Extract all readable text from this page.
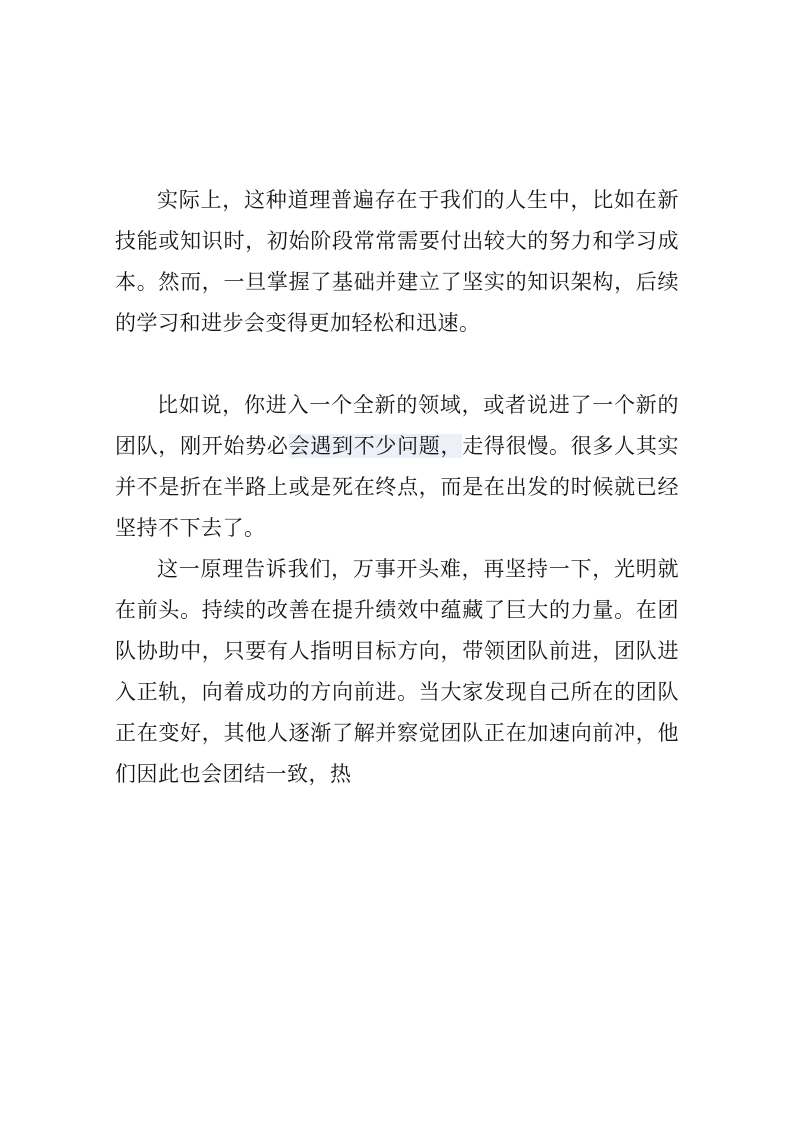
实际上，这种道理普遍存在于我们的人生中，比如在新技能或知识时，初始阶段常常需要付出较大的努力和学习成本。然而，一旦掌握了基础并建立了坚实的知识架构，后续的学习和进步会变得更加轻松和迅速。

比如说，你进入一个全新的领域，或者说进了一个新的团队，刚开始势必会遇到不少问题，走得很慢。很多人其实并不是折在半路上或是死在终点，而是在出发的时候就已经坚持不下去了。

这一原理告诉我们，万事开头难，再坚持一下，光明就在前头。持续的改善在提升绩效中蕴藏了巨大的力量。在团队协助中，只要有人指明目标方向，带领团队前进，团队进入正轨，向着成功的方向前进。当大家发现自己所在的团队正在变好，其他人逐渐了解并察觉团队正在加速向前冲，他们因此也会团结一致，热
